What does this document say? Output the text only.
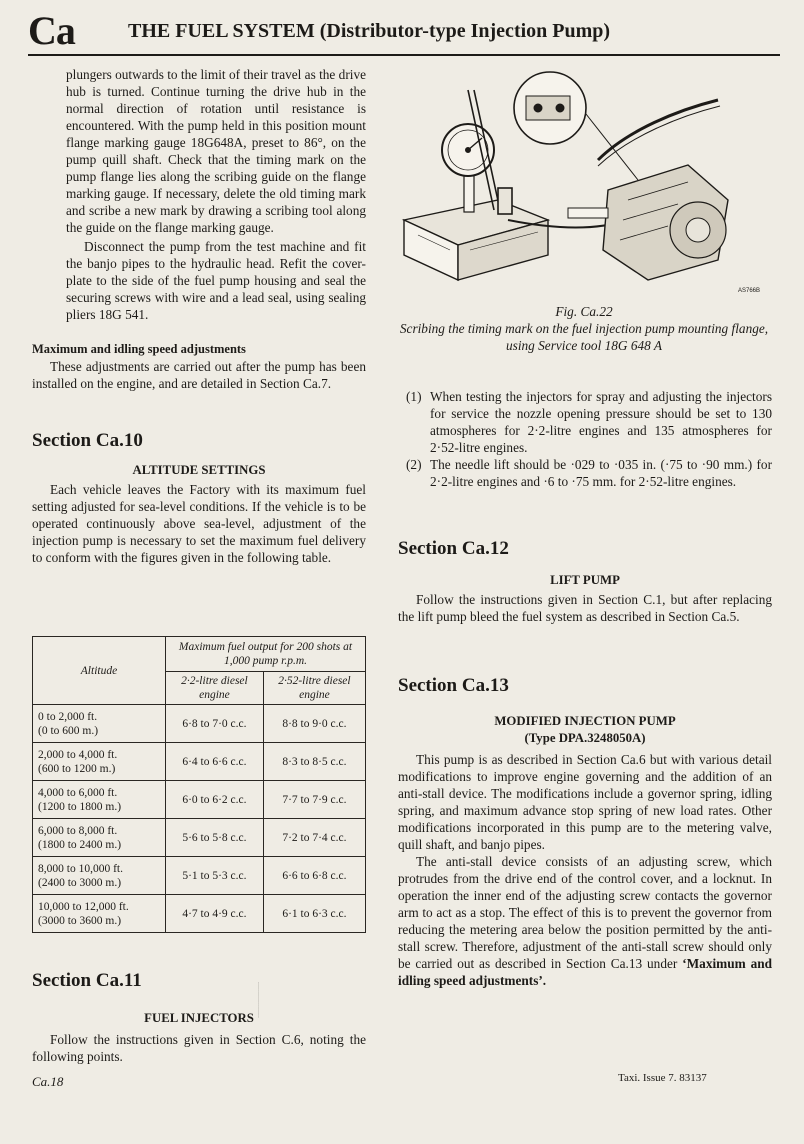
Ca	THE FUEL SYSTEM (Distributor-type Injection Pump)

plungers outwards to the limit of their travel as the drive hub is turned. Continue turning the drive hub in the normal direction of rotation until resistance is encountered. With the pump held in this position mount flange marking gauge 18G648A, preset to 86°, on the pump quill shaft. Check that the timing mark on the pump flange lies along the scribing guide on the flange marking gauge. If necessary, delete the old timing mark and scribe a new mark by drawing a scribing tool along the guide on the flange marking gauge.

Disconnect the pump from the test machine and fit the banjo pipes to the hydraulic head. Refit the cover-plate to the side of the fuel pump housing and seal the securing screws with wire and a lead seal, using sealing pliers 18G 541.

Maximum and idling speed adjustments

These adjustments are carried out after the pump has been installed on the engine, and are detailed in Section Ca.7.

Section Ca.10

ALTITUDE SETTINGS

Each vehicle leaves the Factory with its maximum fuel setting adjusted for sea-level conditions. If the vehicle is to be operated continuously above sea-level, adjustment of the injection pump is necessary to set the maximum fuel delivery to conform with the figures given in the following table.

Altitude	Maximum fuel output for 200 shots at 1,000 pump r.p.m.	
	2·2-litre diesel engine	2·52-litre diesel engine
0 to 2,000 ft.
(0 to 600 m.)	6·8 to 7·0 c.c.	8·8 to 9·0 c.c.
2,000 to 4,000 ft.
(600 to 1200 m.)	6·4 to 6·6 c.c.	8·3 to 8·5 c.c.
4,000 to 6,000 ft.
(1200 to 1800 m.)	6·0 to 6·2 c.c.	7·7 to 7·9 c.c.
6,000 to 8,000 ft.
(1800 to 2400 m.)	5·6 to 5·8 c.c.	7·2 to 7·4 c.c.
8,000 to 10,000 ft.
(2400 to 3000 m.)	5·1 to 5·3 c.c.	6·6 to 6·8 c.c.
10,000 to 12,000 ft.
(3000 to 3600 m.)	4·7 to 4·9 c.c.	6·1 to 6·3 c.c.

Section Ca.11

FUEL INJECTORS

Follow the instructions given in Section C.6, noting the following points.

AS766B
Fig. Ca.22
Scribing the timing mark on the fuel injection pump mounting flange, using Service tool 18G 648 A
(1) When testing the injectors for spray and adjusting the injectors for service the nozzle opening pressure should be set to 130 atmospheres for 2·2-litre engines and 135 atmospheres for 2·52-litre engines.
(2) The needle lift should be ·029 to ·035 in. (·75 to ·90 mm.) for 2·2-litre engines and ·6 to ·75 mm. for 2·52-litre engines.

Section Ca.12

LIFT PUMP

Follow the instructions given in Section C.1, but after replacing the lift pump bleed the fuel system as described in Section Ca.5.

Section Ca.13

MODIFIED INJECTION PUMP

(Type DPA.3248050A)

This pump is as described in Section Ca.6 but with various detail modifications to improve engine governing and the addition of an anti-stall device. The modifications include a governor spring, idling spring, and maximum advance stop spring of new load rates. Other modifications incorporated in this pump are to the metering valve, quill shaft, and banjo pipes.

The anti-stall device consists of an adjusting screw, which protrudes from the drive end of the control cover, and a locknut. In operation the inner end of the adjusting screw contacts the governor arm to act as a stop. The effect of this is to prevent the governor from reducing the metering area below the position permitted by the anti-stall screw. Therefore, adjustment of the anti-stall screw should only be carried out as described in Section Ca.13 under ‘Maximum and idling speed adjustments’.

Ca.18	Taxi. Issue 7. 83137
